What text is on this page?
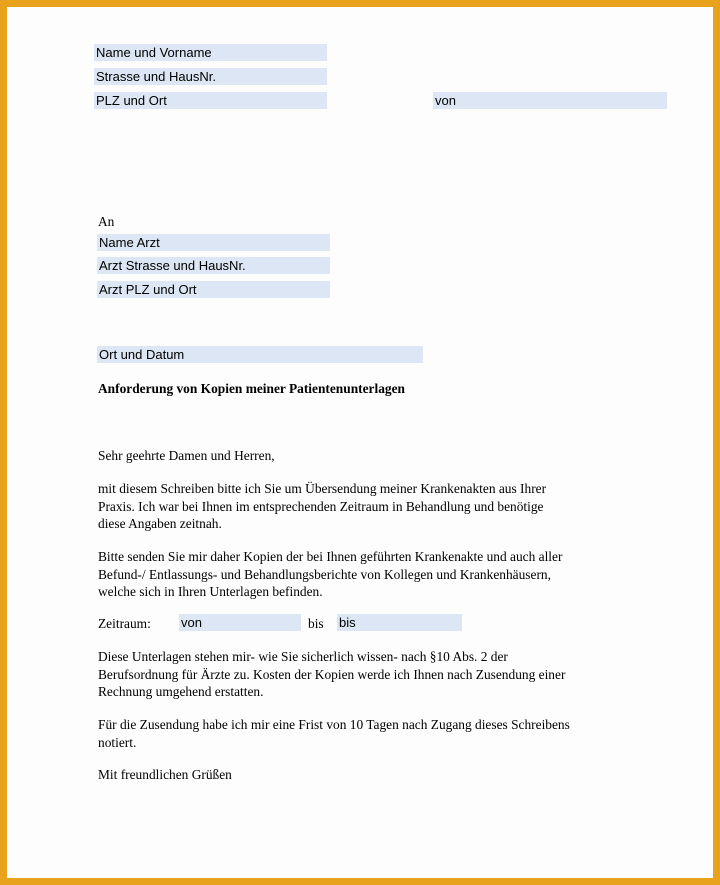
Name und Vorname
Strasse und HausNr.
PLZ und Ort	von
An
Name Arzt
Arzt Strasse und HausNr.
Arzt PLZ und Ort
Ort und Datum
Anforderung von Kopien meiner Patientenunterlagen
Sehr geehrte Damen und Herren,
mit diesem Schreiben bitte ich Sie um Übersendung meiner Krankenakten aus Ihrer
Praxis. Ich war bei Ihnen im entsprechenden Zeitraum in Behandlung und benötige
diese Angaben zeitnah.
Bitte senden Sie mir daher Kopien der bei Ihnen geführten Krankenakte und auch aller
Befund-/ Entlassungs- und Behandlungsberichte von Kollegen und Krankenhäusern,
welche sich in Ihren Unterlagen befinden.
Zeitraum: von	bis bis
Diese Unterlagen stehen mir- wie Sie sicherlich wissen- nach §10 Abs. 2 der
Berufsordnung für Ärzte zu. Kosten der Kopien werde ich Ihnen nach Zusendung einer
Rechnung umgehend erstatten.
Für die Zusendung habe ich mir eine Frist von 10 Tagen nach Zugang dieses Schreibens
notiert.
Mit freundlichen Grüßen
